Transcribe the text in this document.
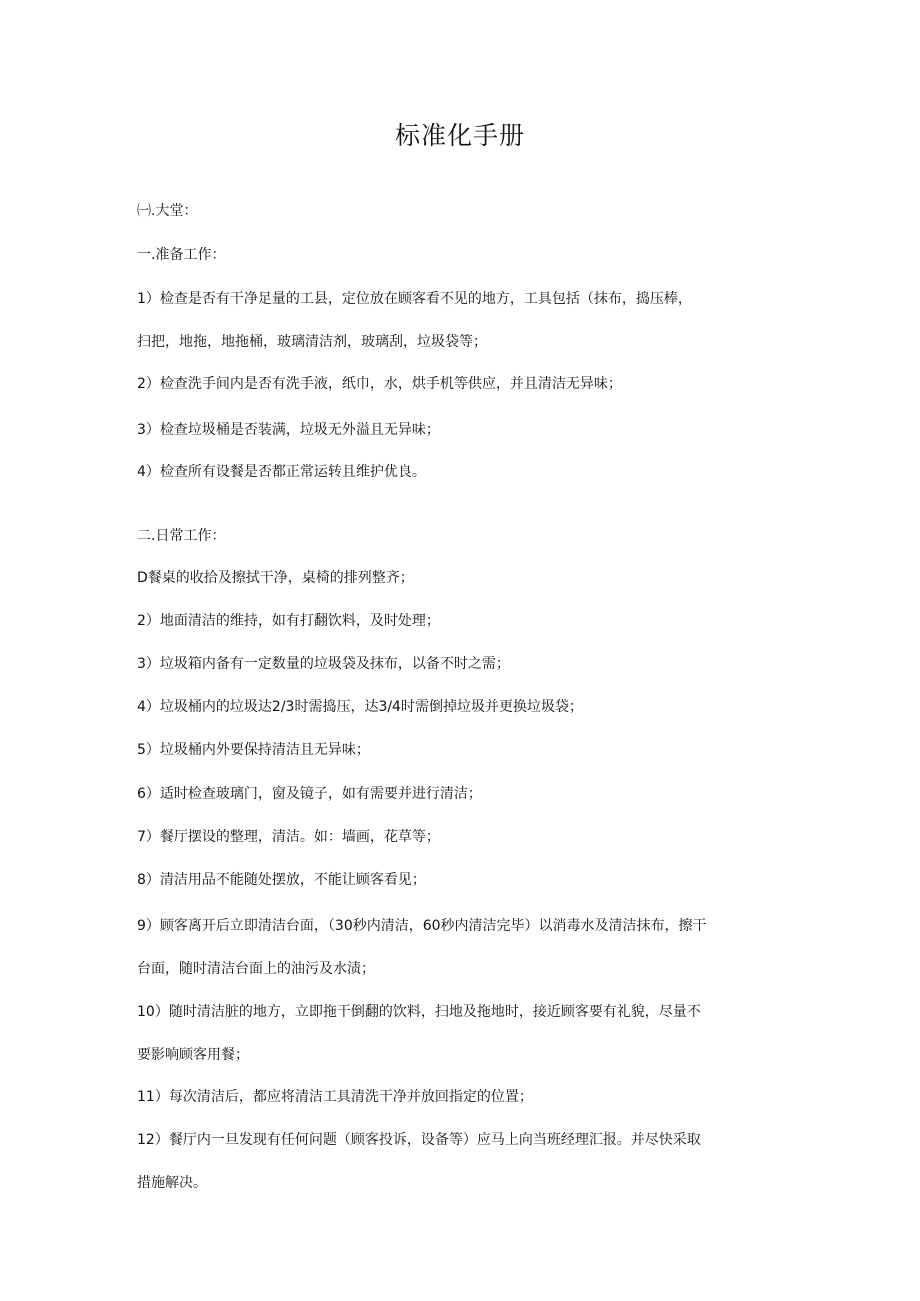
标准化手册
㈠.大堂：
一.准备工作：
1）检查是否有干净足量的工县，定位放在顾客看不见的地方，工具包括（抹布，捣压棒，
扫把，地拖，地拖桶，玻璃清洁剂，玻璃刮，垃圾袋等；
2）检查洗手间内是否有洗手液，纸巾，水，烘手机等供应，并且清洁无异味；
3）检查垃圾桶是否装满，垃圾无外溢且无异味；
4）检查所有设餐是否都正常运转且维护优良。
二.日常工作：
D餐桌的收拾及擦拭干净，桌椅的排列整齐；
2）地面清洁的维持，如有打翻饮料，及时处理；
3）垃圾箱内备有一定数量的垃圾袋及抹布，以备不时之需；
4）垃圾桶内的垃圾达2/3时需捣压，达3/4时需倒掉垃圾并更换垃圾袋；
5）垃圾桶内外要保持清洁且无异味；
6）适时检查玻璃门，窗及镜子，如有需要并进行清洁；
7）餐厅摆设的整理，清洁。如：墙画，花草等；
8）清洁用品不能随处摆放，不能让顾客看见；
9）顾客离开后立即清洁台面，（30秒内清洁，60秒内清洁完毕）以消毒水及清洁抹布，擦干
台面，随时清洁台面上的油污及水渍；
10）随时清洁脏的地方，立即拖干倒翻的饮料，扫地及拖地时，接近顾客要有礼貌，尽量不
要影响顾客用餐；
11）每次清洁后，都应将清洁工具清洗干净并放回指定的位置；
12）餐厅内一旦发现有任何问题（顾客投诉，设备等）应马上向当班经理汇报。并尽快采取
措施解决。
